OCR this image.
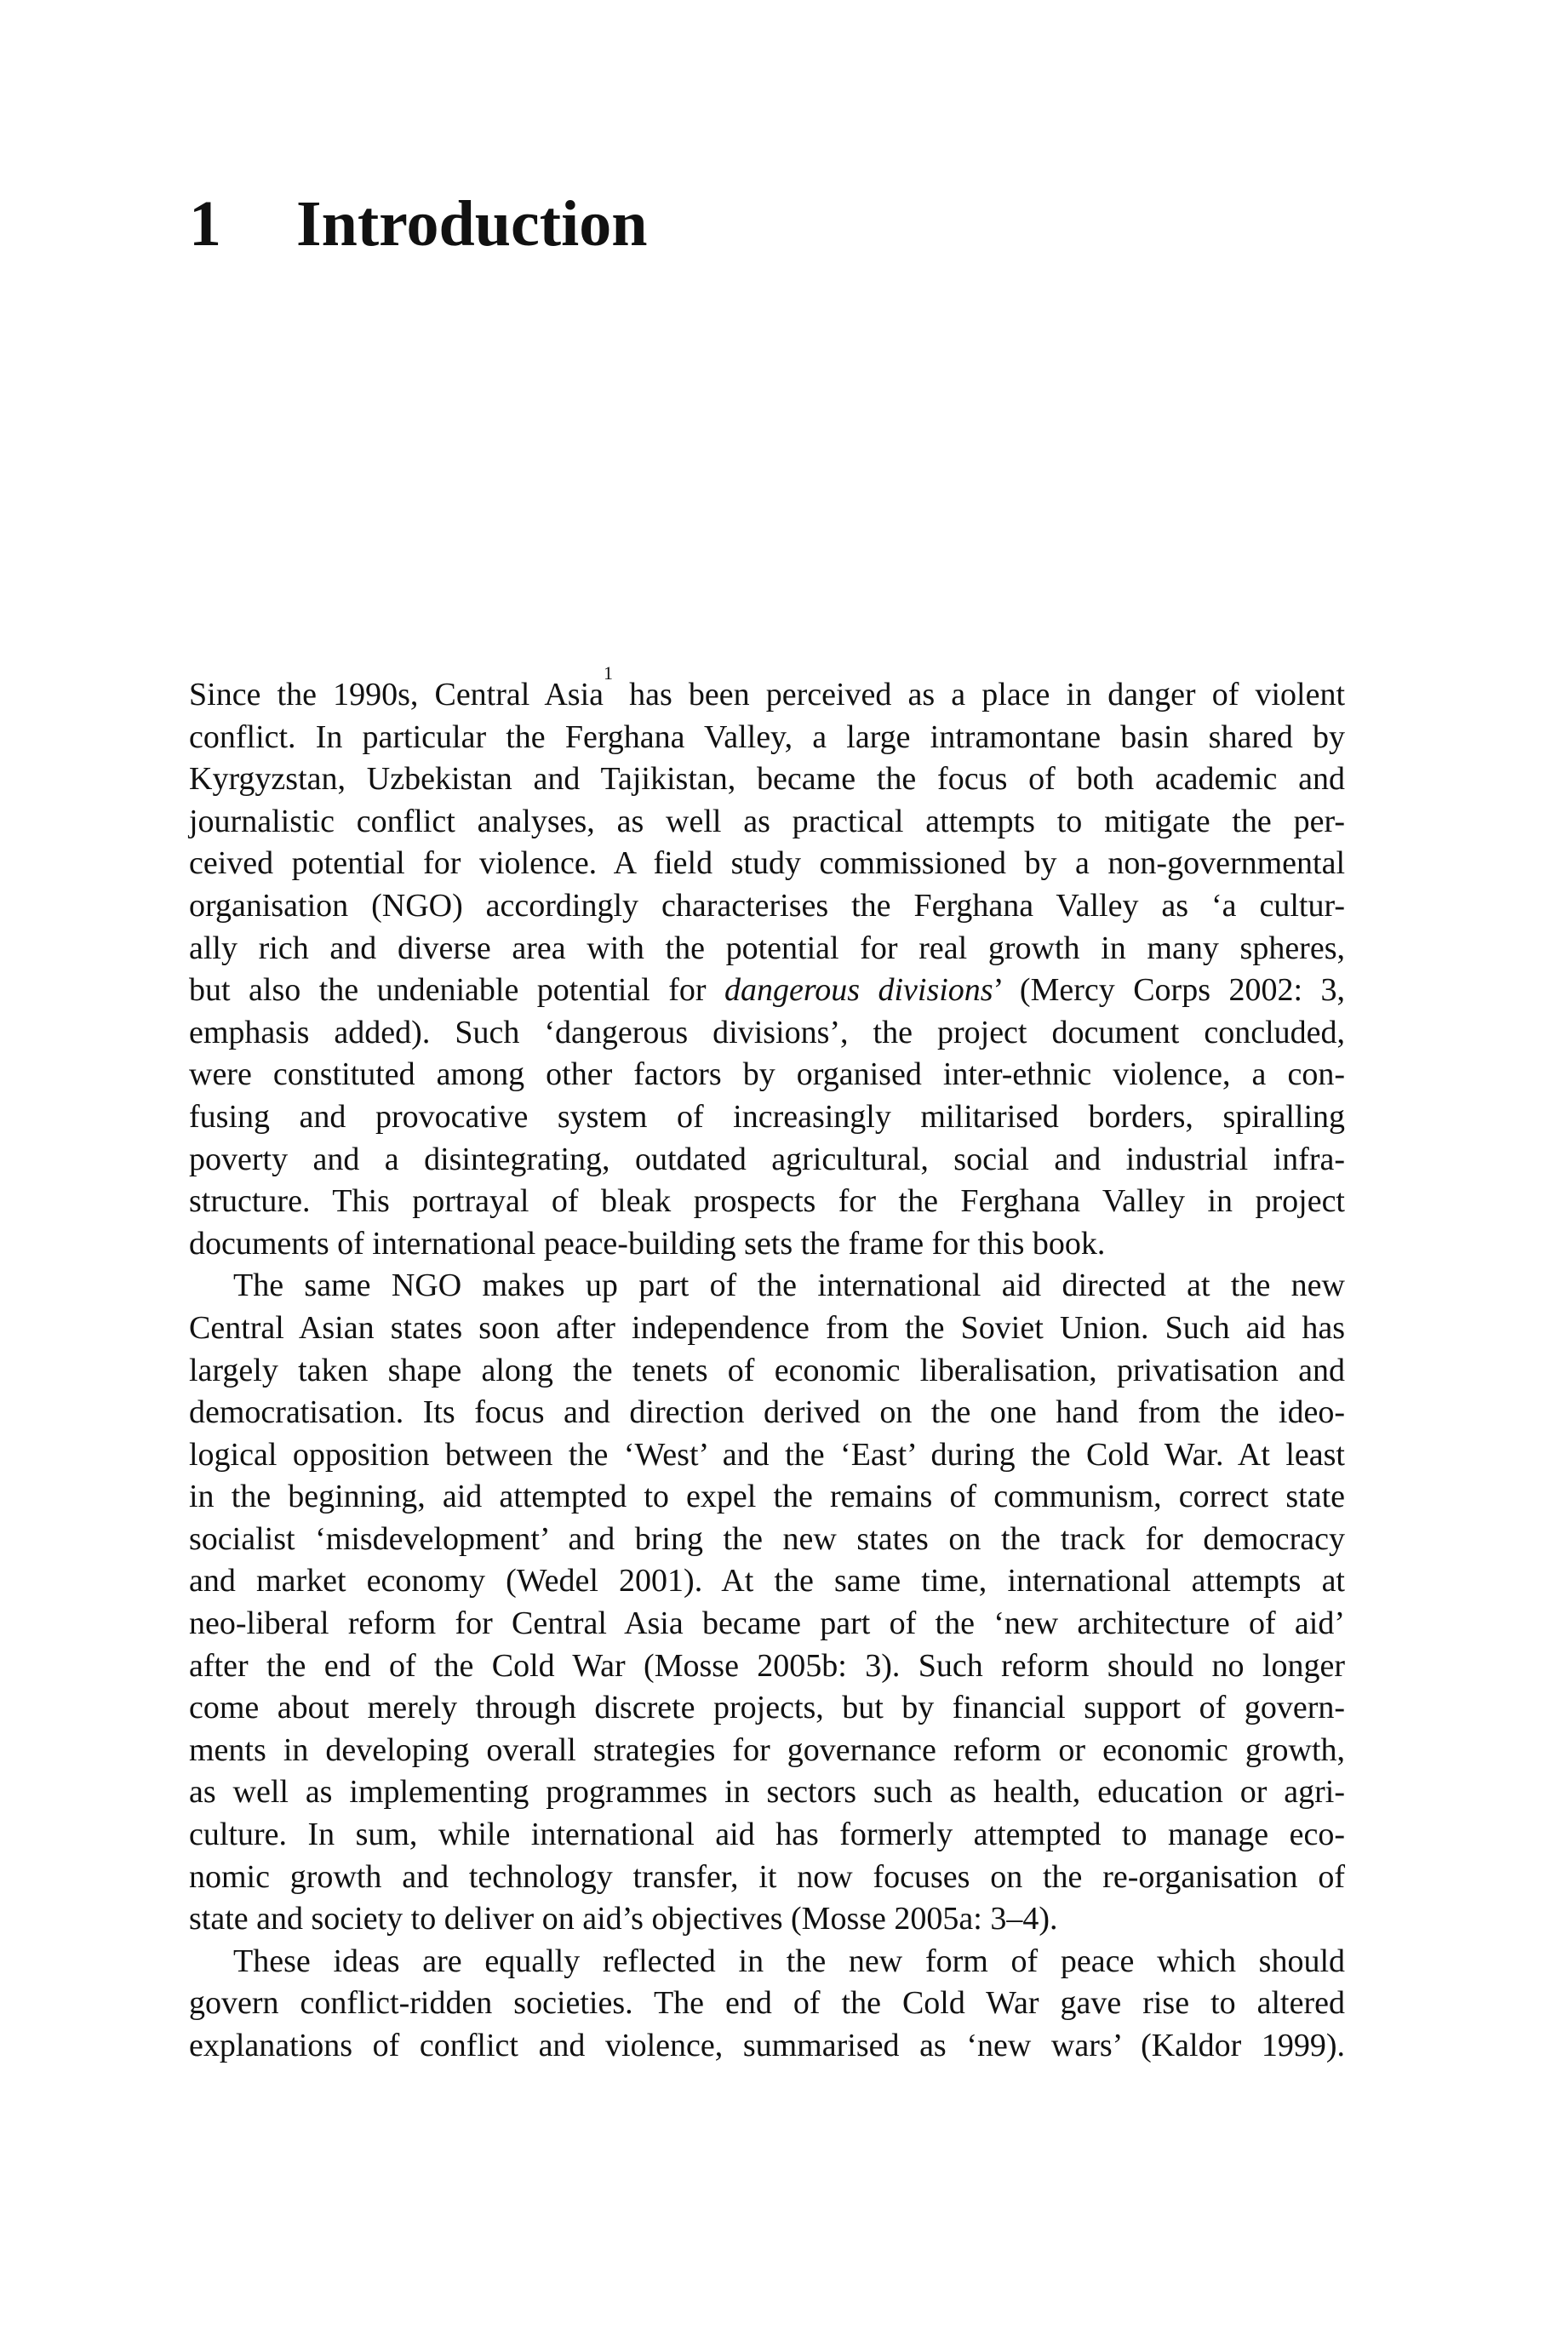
1 Introduction
Since the 1990s, Central Asia$^1$ has been perceived as a place in danger of violent
conflict. In particular the Ferghana Valley, a large intramontane basin shared by
Kyrgyzstan, Uzbekistan and Tajikistan, became the focus of both academic and
journalistic conflict analyses, as well as practical attempts to mitigate the per-
ceived potential for violence. A field study commissioned by a non-governmental
organisation (NGO) accordingly characterises the Ferghana Valley as ‘a cultur-
ally rich and diverse area with the potential for real growth in many spheres,
but also the undeniable potential for dangerous divisions’ (Mercy Corps 2002: 3,
emphasis added). Such ‘dangerous divisions’, the project document concluded,
were constituted among other factors by organised inter-ethnic violence, a con-
fusing and provocative system of increasingly militarised borders, spiralling
poverty and a disintegrating, outdated agricultural, social and industrial infra-
structure. This portrayal of bleak prospects for the Ferghana Valley in project
documents of international peace-building sets the frame for this book.
The same NGO makes up part of the international aid directed at the new
Central Asian states soon after independence from the Soviet Union. Such aid has
largely taken shape along the tenets of economic liberalisation, privatisation and
democratisation. Its focus and direction derived on the one hand from the ideo-
logical opposition between the ‘West’ and the ‘East’ during the Cold War. At least
in the beginning, aid attempted to expel the remains of communism, correct state
socialist ‘misdevelopment’ and bring the new states on the track for democracy
and market economy (Wedel 2001). At the same time, international attempts at
neo-liberal reform for Central Asia became part of the ‘new architecture of aid’
after the end of the Cold War (Mosse 2005b: 3). Such reform should no longer
come about merely through discrete projects, but by financial support of govern-
ments in developing overall strategies for governance reform or economic growth,
as well as implementing programmes in sectors such as health, education or agri-
culture. In sum, while international aid has formerly attempted to manage eco-
nomic growth and technology transfer, it now focuses on the re-organisation of
state and society to deliver on aid’s objectives (Mosse 2005a: 3–4).
These ideas are equally reflected in the new form of peace which should
govern conflict-ridden societies. The end of the Cold War gave rise to altered
explanations of conflict and violence, summarised as ‘new wars’ (Kaldor 1999).
